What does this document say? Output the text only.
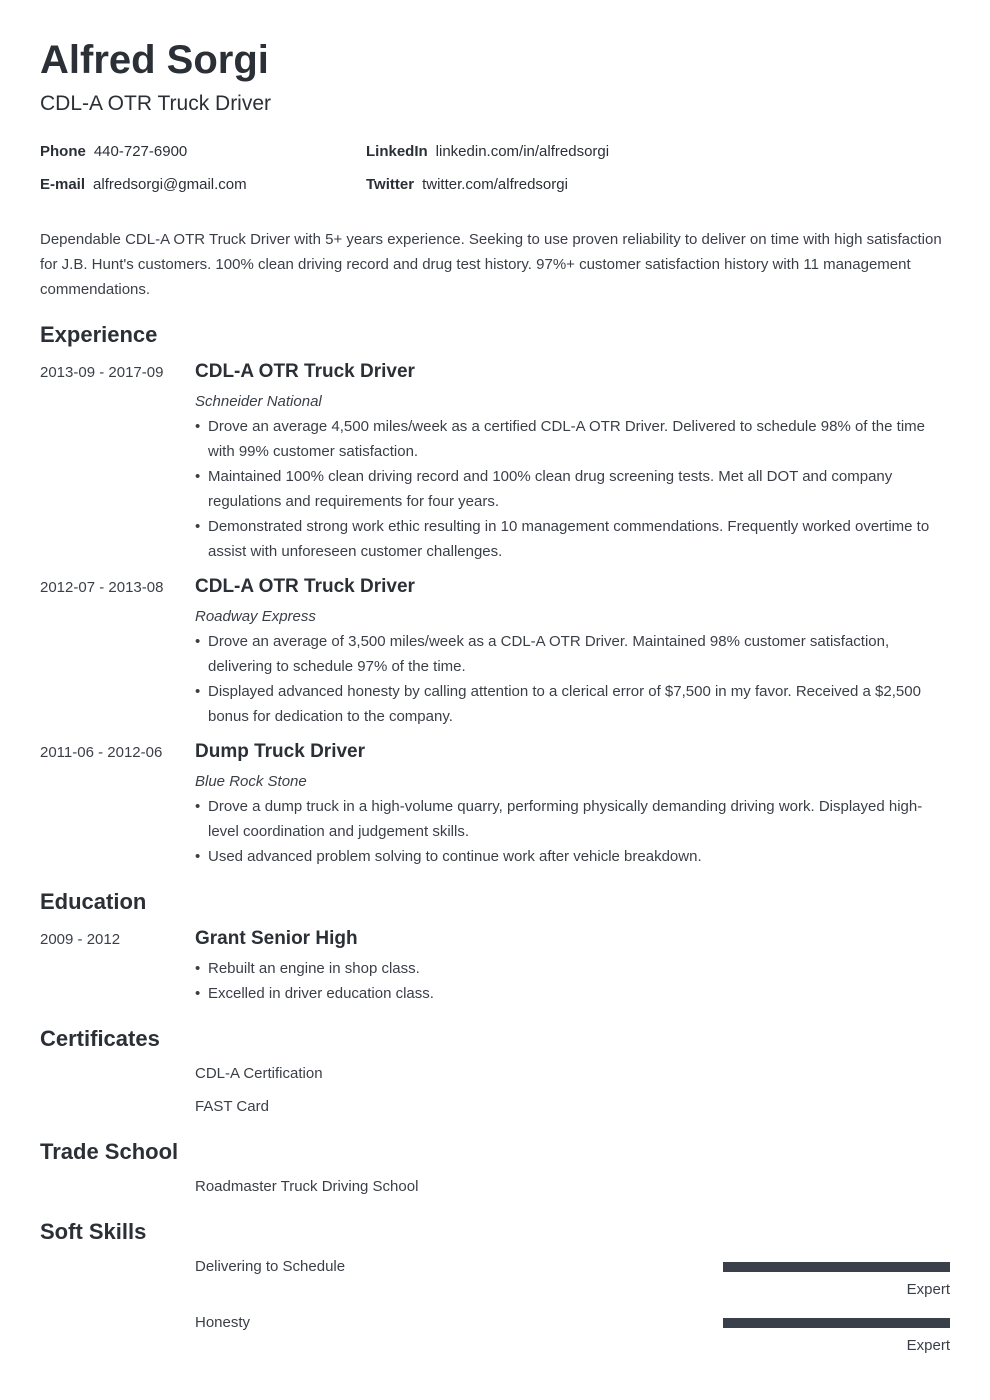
Alfred Sorgi
CDL-A OTR Truck Driver
Phone 440-727-6900
E-mail alfredsorgi@gmail.com
LinkedIn linkedin.com/in/alfredsorgi
Twitter twitter.com/alfredsorgi
Dependable CDL-A OTR Truck Driver with 5+ years experience. Seeking to use proven reliability to deliver on time with high satisfaction for J.B. Hunt's customers. 100% clean driving record and drug test history. 97%+ customer satisfaction history with 11 management commendations.
Experience
2013-09 - 2017-09 CDL-A OTR Truck Driver
Schneider National
• Drove an average 4,500 miles/week as a certified CDL-A OTR Driver. Delivered to schedule 98% of the time with 99% customer satisfaction.
• Maintained 100% clean driving record and 100% clean drug screening tests. Met all DOT and company regulations and requirements for four years.
• Demonstrated strong work ethic resulting in 10 management commendations. Frequently worked overtime to assist with unforeseen customer challenges.
2012-07 - 2013-08 CDL-A OTR Truck Driver
Roadway Express
• Drove an average of 3,500 miles/week as a CDL-A OTR Driver. Maintained 98% customer satisfaction, delivering to schedule 97% of the time.
• Displayed advanced honesty by calling attention to a clerical error of $7,500 in my favor. Received a $2,500 bonus for dedication to the company.
2011-06 - 2012-06 Dump Truck Driver
Blue Rock Stone
• Drove a dump truck in a high-volume quarry, performing physically demanding driving work. Displayed high-level coordination and judgement skills.
• Used advanced problem solving to continue work after vehicle breakdown.
Education
2009 - 2012	Grant Senior High
• Rebuilt an engine in shop class.
• Excelled in driver education class.
Certificates
CDL-A Certification
FAST Card
Trade School
Roadmaster Truck Driving School
Soft Skills
Delivering to Schedule
Expert
Honesty
Expert
